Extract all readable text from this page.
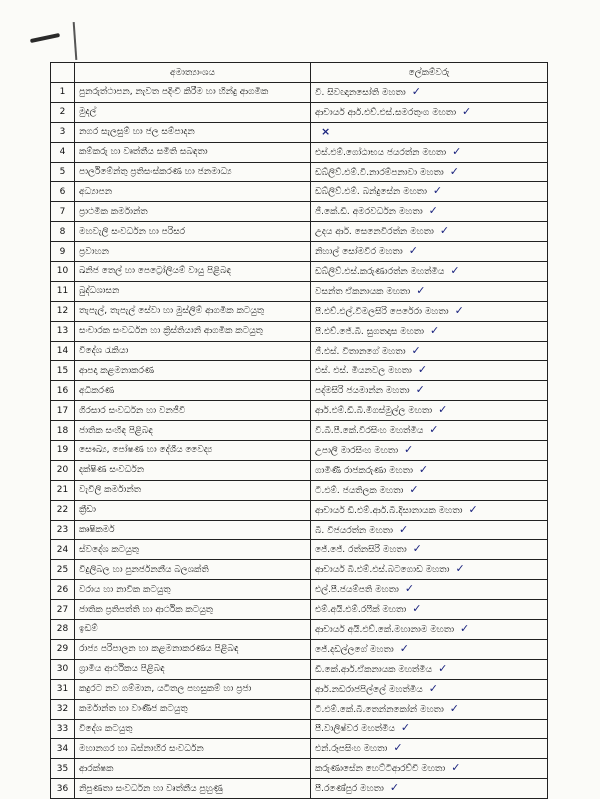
	අමාත්‍යාංශය	ලේකම්වරු
1	පුනරුත්ථාපන, නැවත පදිංචි කිරීම හා හින්දු ආගමික	වී. සිවඥානසෝති මහතා ✓
2	මුදල්	ආචාර්ය ආර්.එච්.එස්.සමරතුංග මහතා ✓
3	නගර සැලසුම් හා ජල සම්පාදන	×
4	කම්කරු හා වෘත්තීය සමිති සබඳතා	එස්.එම්.ගෝඨාභය ජයරත්න මහතා ✓
5	පාර්ලිමේන්තු ප්‍රතිසංස්කරණ හා ජනමාධ්‍ය	ඩබ්ලිව්.එම්.වී.නාරම්පනාවා මහතා ✓
6	අධ්‍යාපන	ඩබ්ලිව්.එම්. බන්දුසේන මහතා ✓
7	ප්‍රාථමික කර්මාන්ත	ජී.කේ.ඩී. අමරවර්ධන මහතා ✓
8	මහවැලි සංවර්ධන හා පරිසර	උදය ආර්. සෙනෙවිරත්න මහතා ✓
9	ප්‍රවාහන	නිහාල් සෝමවීර මහතා ✓
10	ඛනිජ තෙල් හා පෙට්‍රෝලියම් වායු පිළිබඳ	ඩබ්ලිව්.එස්.කරුණාරත්න මහත්මිය ✓
11	බුද්ධශාසන	වසන්ත ඒකනායක මහතා ✓
12	තැපැල්, තැපැල් සේවා හා මුස්ලිම් ආගමික කටයුතු	පී.එච්.එල්.විමලසිරි පෙරේරා මහතා ✓
13	සංචාරක සංවර්ධන හා ක්‍රිස්තියානි ආගමික කටයුතු	පී.එච්.ජේ.බී. සුගතදාස මහතා ✓
14	විදේශ රැකියා	ජී.එස්. විතානගේ මහතා ✓
15	ආපදා කළමනාකරණ	එස්. එස්. මියනවල මහතා ✓
16	අධිකරණ	පද්මසිරි ජයමාන්න මහතා ✓
17	ගිරසාර සංවර්ධන හා වනජීවී	ආර්.එම්.ඩී.බී.මීගස්මුල්ල මහතා ✓
18	ජාතික සංහිඳ පිළිබඳ	වී.බී.පී.කේ.වීරසිංහ මහත්මිය ✓
19	සෞඛ්‍ය, පෝෂණ හා දේශීය වෛද්‍ය	උපාලි මාරසිංහ මහතා ✓
20	දක්ෂිණ සංවර්ධන	ගාමිණී රාජකරුණා මහතා ✓
21	වැවිලි කර්මාන්ත	ටී.එම්. ජයතිලක මහතා ✓
22	ක්‍රීඩා	ආචාර්ය ඩී.එම්.ආර්.බී.දිසානායක මහතා ✓
23	කෘෂිකර්ම	බී. විජයරත්න මහතා ✓
24	ස්වදේශ කටයුතු	ජේ.ජේ. රත්නසිරි මහතා ✓
25	විදුලිබල හා පුනර්ජනනීය බලශක්ති	ආචාර්ය බී.එම්.එස්.බටගොඩ මහතා ✓
26	වරාය හා නාවික කටයුතු	එල්.පී.ජයම්පති මහතා ✓
27	ජාතික ප්‍රතිපත්ති හා ආර්ථික කටයුතු	එම්.අයි.එම්.රෆීක් මහතා ✓
28	ඉඩම්	ආචාර්ය අයි.එච්.කේ.මහානාම මහතා ✓
29	රාජ්‍ය පරිපාලන හා කළමනාකරණය පිළිබඳ	ජේ.දඩල්ලගේ මහතා ✓
30	ග්‍රාමීය ආර්ථිකය පිළිබඳ	ඩී.කේ.ආර්.ඒකනායක මහත්මිය ✓
31	කදුරට නව ගම්මාන, යටිතල පහසුකම් හා ප්‍රජා	ආර්.නඩරාජපිල්ලේ මහත්මිය ✓
32	කර්මාන්ත හා වාණිජ කටයුතු	ටී.එම්.කේ.බී.තෙන්නකෝන් මහතා ✓
33	විදේශ කටයුතු	පී.වාලිෂ්වර මහත්මිය ✓
34	මහානගර හා බස්නාහිර සංවර්ධන	එන්.රූපසිංහ මහතා ✓
35	ආරක්ෂක	කරුණාසේන හෙට්ටිආරච්චි මහතා ✓
36	නිපුණතා සංවර්ධන හා වෘත්තීය පුහුණු	පී.රණේපුර මහතා ✓
